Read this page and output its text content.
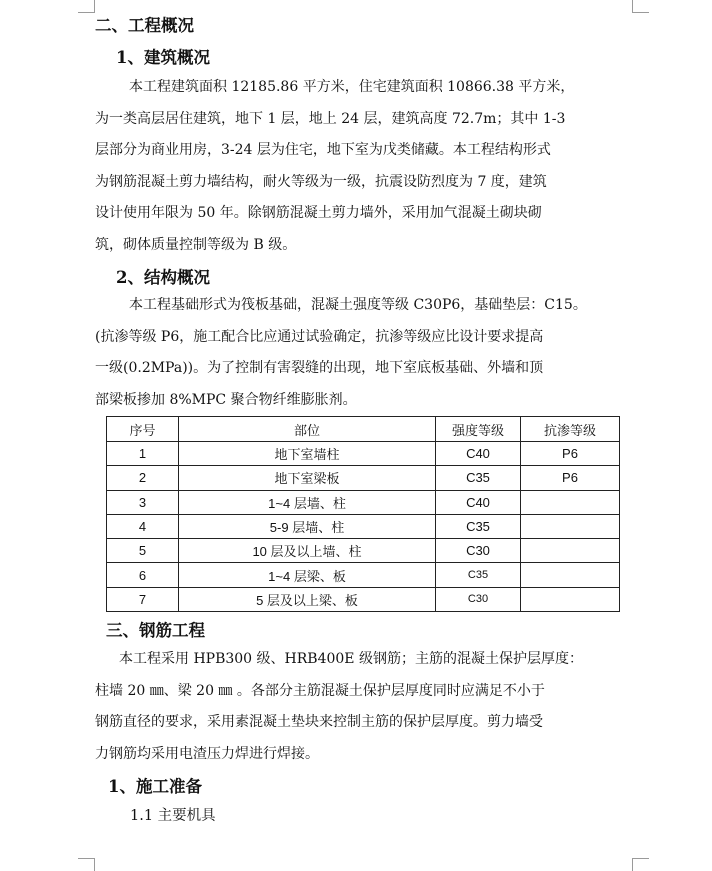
二、工程概况
1、建筑概况
本工程建筑面积 12185.86 平方米，住宅建筑面积 10866.38 平方米，
为一类高层居住建筑，地下 1 层，地上 24 层，建筑高度 72.7m；其中 1-3
层部分为商业用房，3-24 层为住宅，地下室为戊类储藏。本工程结构形式
为钢筋混凝土剪力墙结构，耐火等级为一级，抗震设防烈度为 7 度，建筑
设计使用年限为 50 年。除钢筋混凝土剪力墙外，采用加气混凝土砌块砌
筑，砌体质量控制等级为 B 级。
2、结构概况
本工程基础形式为筏板基础，混凝土强度等级 C30P6，基础垫层：C15。
(抗渗等级 P6，施工配合比应通过试验确定，抗渗等级应比设计要求提高
一级(0.2MPa))。为了控制有害裂缝的出现，地下室底板基础、外墙和顶
部梁板掺加 8%MPC 聚合物纤维膨胀剂。
序号	部位	强度等级	抗渗等级
1	地下室墙柱	C40	P6
2	地下室梁板	C35	P6
3	1~4 层墙、柱	C40	
4	5-9 层墙、柱	C35	
5	10 层及以上墙、柱	C30	
6	1~4 层梁、板	C35	
7	5 层及以上梁、板	C30	
三、钢筋工程
本工程采用 HPB300 级、HRB400E 级钢筋；主筋的混凝土保护层厚度：
柱墙 20 ㎜、梁 20 ㎜ 。各部分主筋混凝土保护层厚度同时应满足不小于
钢筋直径的要求，采用素混凝土垫块来控制主筋的保护层厚度。剪力墙受
力钢筋均采用电渣压力焊进行焊接。
1、施工准备
1.1 主要机具
